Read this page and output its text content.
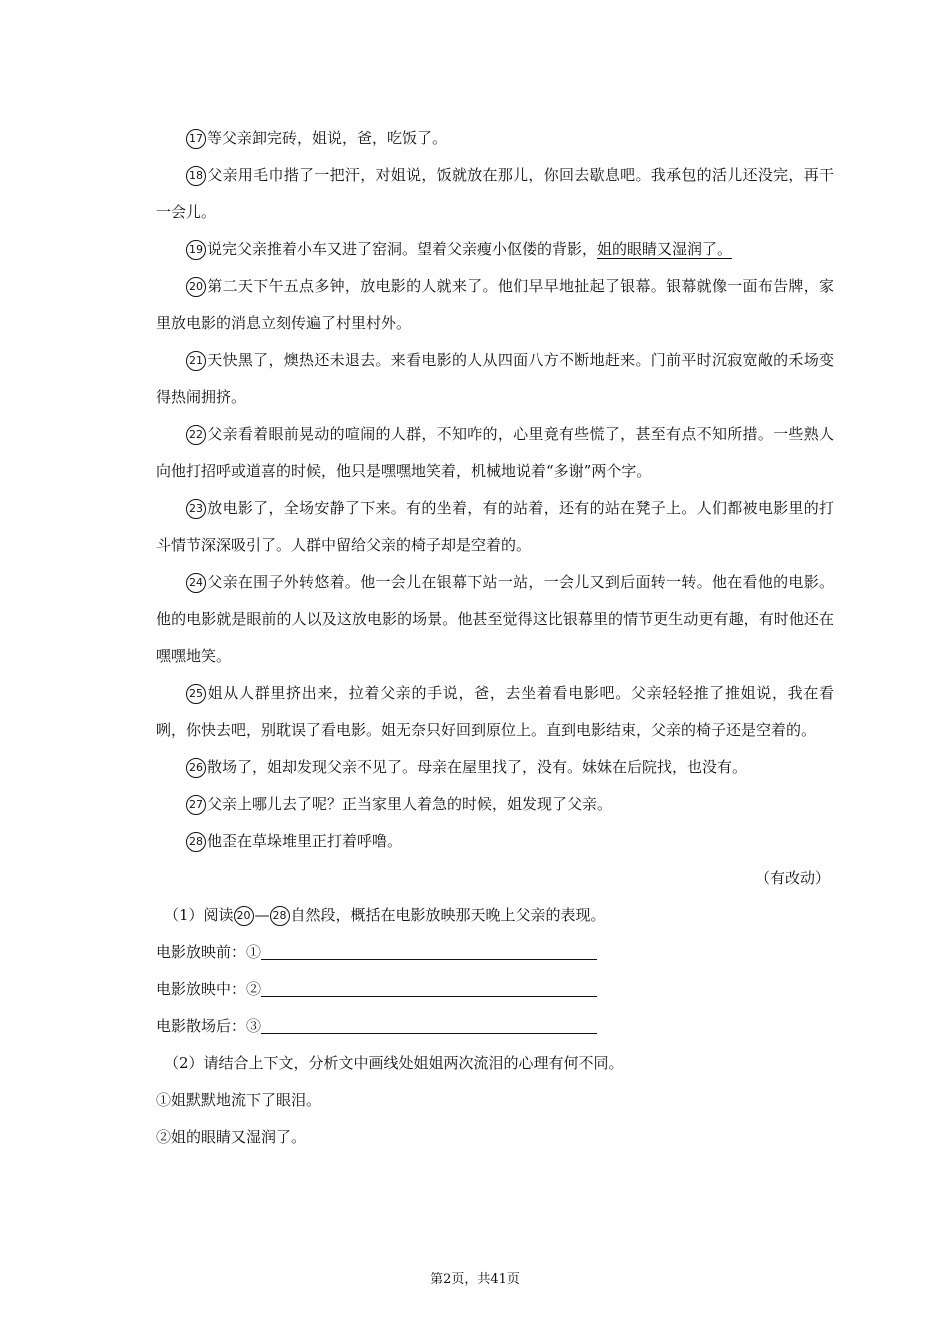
17 等父亲卸完砖，姐说，爸，吃饭了。

18 父亲用毛巾揩了一把汗，对姐说，饭就放在那儿，你回去歇息吧。我承包的活儿还没完，再干一会儿。

19 说完父亲推着小车又进了窑洞。望着父亲瘦小伛偻的背影，姐的眼睛又湿润了。

20 第二天下午五点多钟，放电影的人就来了。他们早早地扯起了银幕。银幕就像一面布告牌，家里放电影的消息立刻传遍了村里村外。

21 天快黑了，燠热还未退去。来看电影的人从四面八方不断地赶来。门前平时沉寂宽敞的禾场变得热闹拥挤。

22 父亲看着眼前晃动的喧闹的人群，不知咋的，心里竟有些慌了，甚至有点不知所措。一些熟人向他打招呼或道喜的时候，他只是嘿嘿地笑着，机械地说着“多谢”两个字。

23 放电影了，全场安静了下来。有的坐着，有的站着，还有的站在凳子上。人们都被电影里的打斗情节深深吸引了。人群中留给父亲的椅子却是空着的。

24 父亲在围子外转悠着。他一会儿在银幕下站一站，一会儿又到后面转一转。他在看他的电影。他的电影就是眼前的人以及这放电影的场景。他甚至觉得这比银幕里的情节更生动更有趣，有时他还在嘿嘿地笑。

25 姐从人群里挤出来，拉着父亲的手说，爸，去坐着看电影吧。父亲轻轻推了推姐说，我在看咧，你快去吧，别耽误了看电影。姐无奈只好回到原位上。直到电影结束，父亲的椅子还是空着的。

26 散场了，姐却发现父亲不见了。母亲在屋里找了，没有。妹妹在后院找，也没有。

27 父亲上哪儿去了呢？正当家里人着急的时候，姐发现了父亲。

28 他歪在草垛堆里正打着呼噜。

（有改动）

（1）阅读 20 — 28 自然段，概括在电影放映那天晚上父亲的表现。

电影放映前：①

电影放映中：②

电影散场后：③

（2）请结合上下文，分析文中画线处姐姐两次流泪的心理有何不同。

①姐默默地流下了眼泪。

②姐的眼睛又湿润了。

第2页，共41页
